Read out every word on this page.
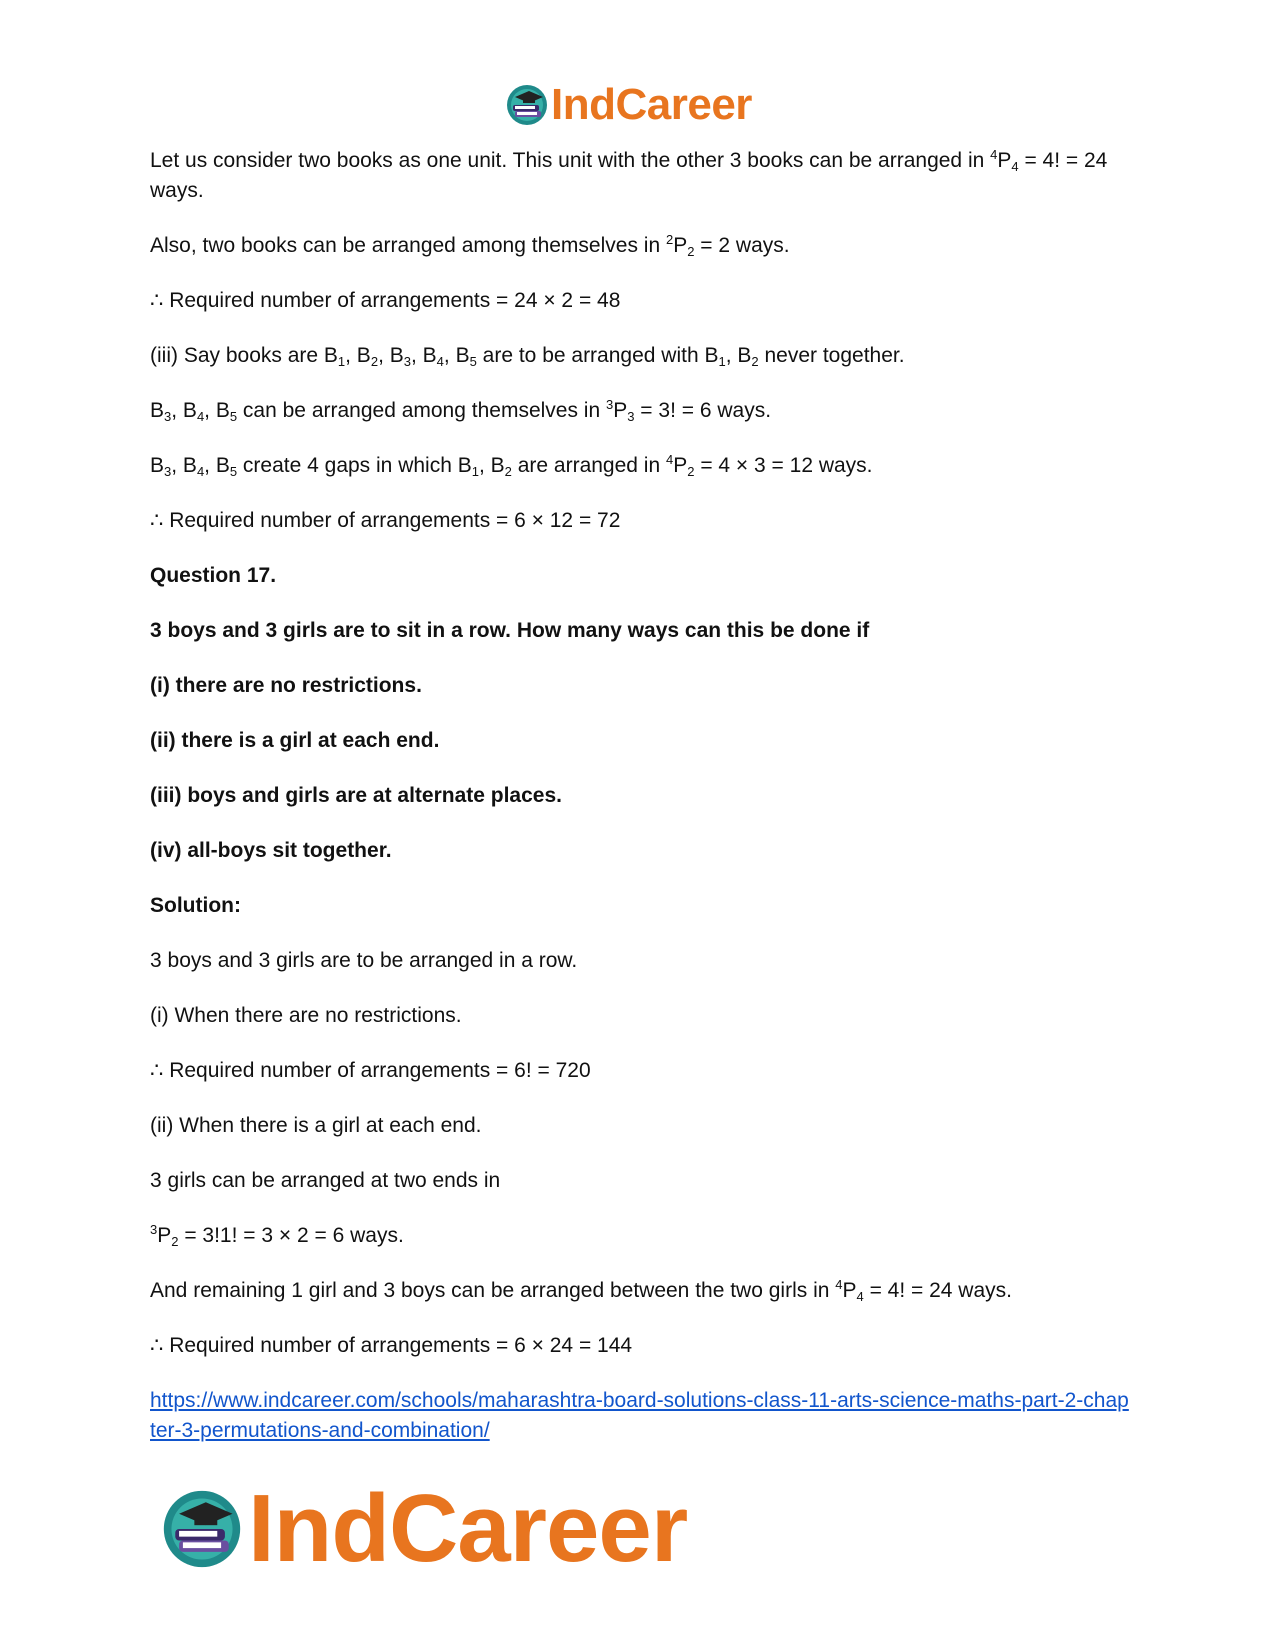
IndCareer

Let us consider two books as one unit. This unit with the other 3 books can be arranged in $^4P_4 = 4$! = 24 ways.

Also, two books can be arranged among themselves in $^2P_2 = 2$ ways.

∴ Required number of arrangements = 24 × 2 = 48

(iii) Say books are $B_1$, $B_2$, $B_3$, $B_4$, $B_5$ are to be arranged with $B_1$, $B_2$ never together.

$B_3$, $B_4$, $B_5$ can be arranged among themselves in $^3P_3 = 3$! = 6 ways.

$B_3$, $B_4$, $B_5$ create 4 gaps in which $B_1$, $B_2$ are arranged in $^4P_2 = 4 \times 3 = 12$ ways.

∴ Required number of arrangements = 6 × 12 = 72

Question 17.

3 boys and 3 girls are to sit in a row. How many ways can this be done if

(i) there are no restrictions.

(ii) there is a girl at each end.

(iii) boys and girls are at alternate places.

(iv) all-boys sit together.

Solution:

3 boys and 3 girls are to be arranged in a row.

(i) When there are no restrictions.

∴ Required number of arrangements = 6! = 720

(ii) When there is a girl at each end.

3 girls can be arranged at two ends in

$^3P_2 = 3!1$! = 3 × 2 = 6 ways.

And remaining 1 girl and 3 boys can be arranged between the two girls in $^4P_4 = 4$! = 24 ways.

∴ Required number of arrangements = 6 × 24 = 144

https://www.indcareer.com/schools/maharashtra-board-solutions-class-11-arts-science-maths-part-2-chapter-3-permutations-and-combination/

IndCareer
